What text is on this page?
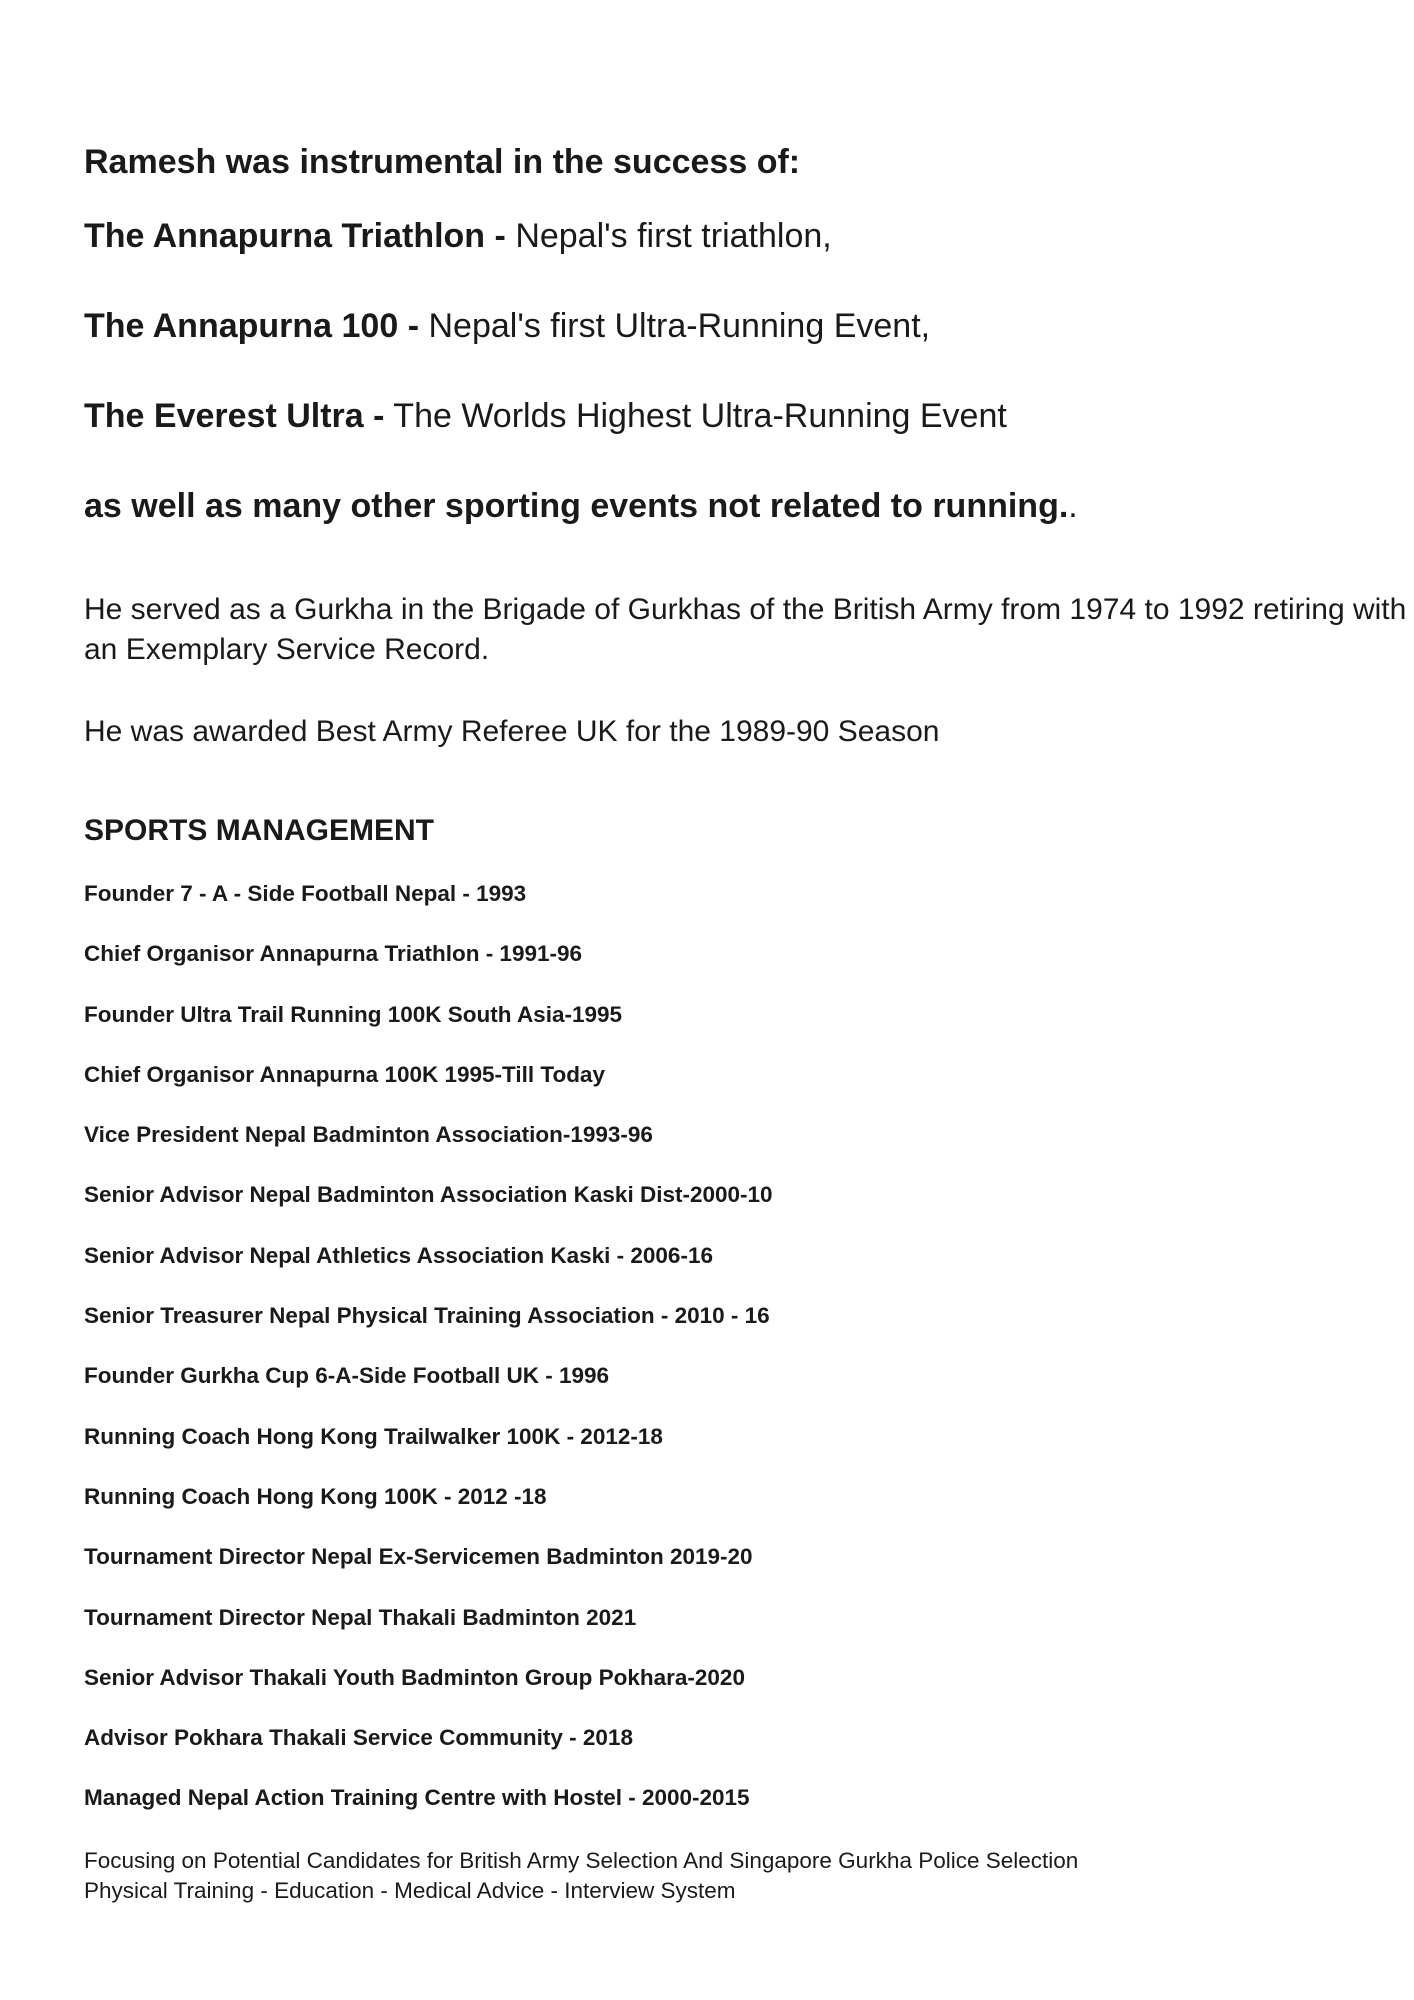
Ramesh was instrumental in the success of:

The Annapurna Triathlon - Nepal's first triathlon,

The Annapurna 100 - Nepal's first Ultra-Running Event,

The Everest Ultra - The Worlds Highest Ultra-Running Event

as well as many other sporting events not related to running..

He served as a Gurkha in the Brigade of Gurkhas of the British Army from 1974 to 1992 retiring with an Exemplary Service Record.

He was awarded Best Army Referee UK for the 1989-90 Season

SPORTS MANAGEMENT

Founder 7 - A - Side Football Nepal - 1993
Chief Organisor Annapurna Triathlon - 1991-96
Founder Ultra Trail Running 100K South Asia-1995
Chief Organisor Annapurna 100K 1995-Till Today
Vice President Nepal Badminton Association-1993-96
Senior Advisor Nepal Badminton Association Kaski Dist-2000-10
Senior Advisor Nepal Athletics Association Kaski - 2006-16
Senior Treasurer Nepal Physical Training Association - 2010 - 16
Founder Gurkha Cup 6-A-Side Football UK - 1996
Running Coach Hong Kong Trailwalker 100K - 2012-18
Running Coach Hong Kong 100K - 2012 -18
Tournament Director Nepal Ex-Servicemen Badminton 2019-20
Tournament Director Nepal Thakali Badminton 2021
Senior Advisor Thakali Youth Badminton Group Pokhara-2020
Advisor Pokhara Thakali Service Community - 2018
Managed Nepal Action Training Centre with Hostel - 2000-2015
Focusing on Potential Candidates for British Army Selection And Singapore Gurkha Police Selection
Physical Training - Education - Medical Advice - Interview System
